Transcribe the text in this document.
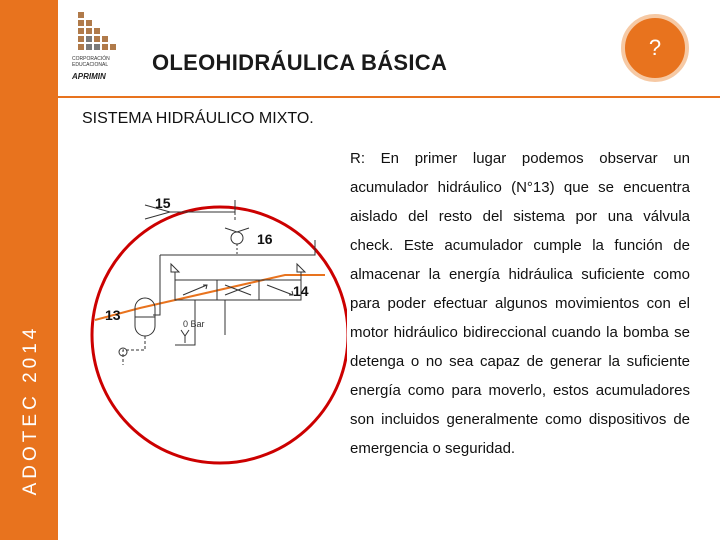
ADOTEC 2014
CORPORACIÓN EDUCACIONAL
APRIMIN
OLEOHIDRÁULICA BÁSICA
?
SISTEMA HIDRÁULICO MIXTO.
16
14
15
13
0 Bar
R: En primer lugar podemos observar un acumulador hidráulico (N°13) que se encuentra aislado del resto del sistema por una válvula check. Este acumulador cumple la función de almacenar la energía hidráulica suficiente como para poder efectuar algunos movimientos con el motor hidráulico bidireccional cuando la bomba se detenga o no sea capaz de generar la suficiente energía como para moverlo, estos acumuladores son incluidos generalmente como dispositivos de emergencia o seguridad.
